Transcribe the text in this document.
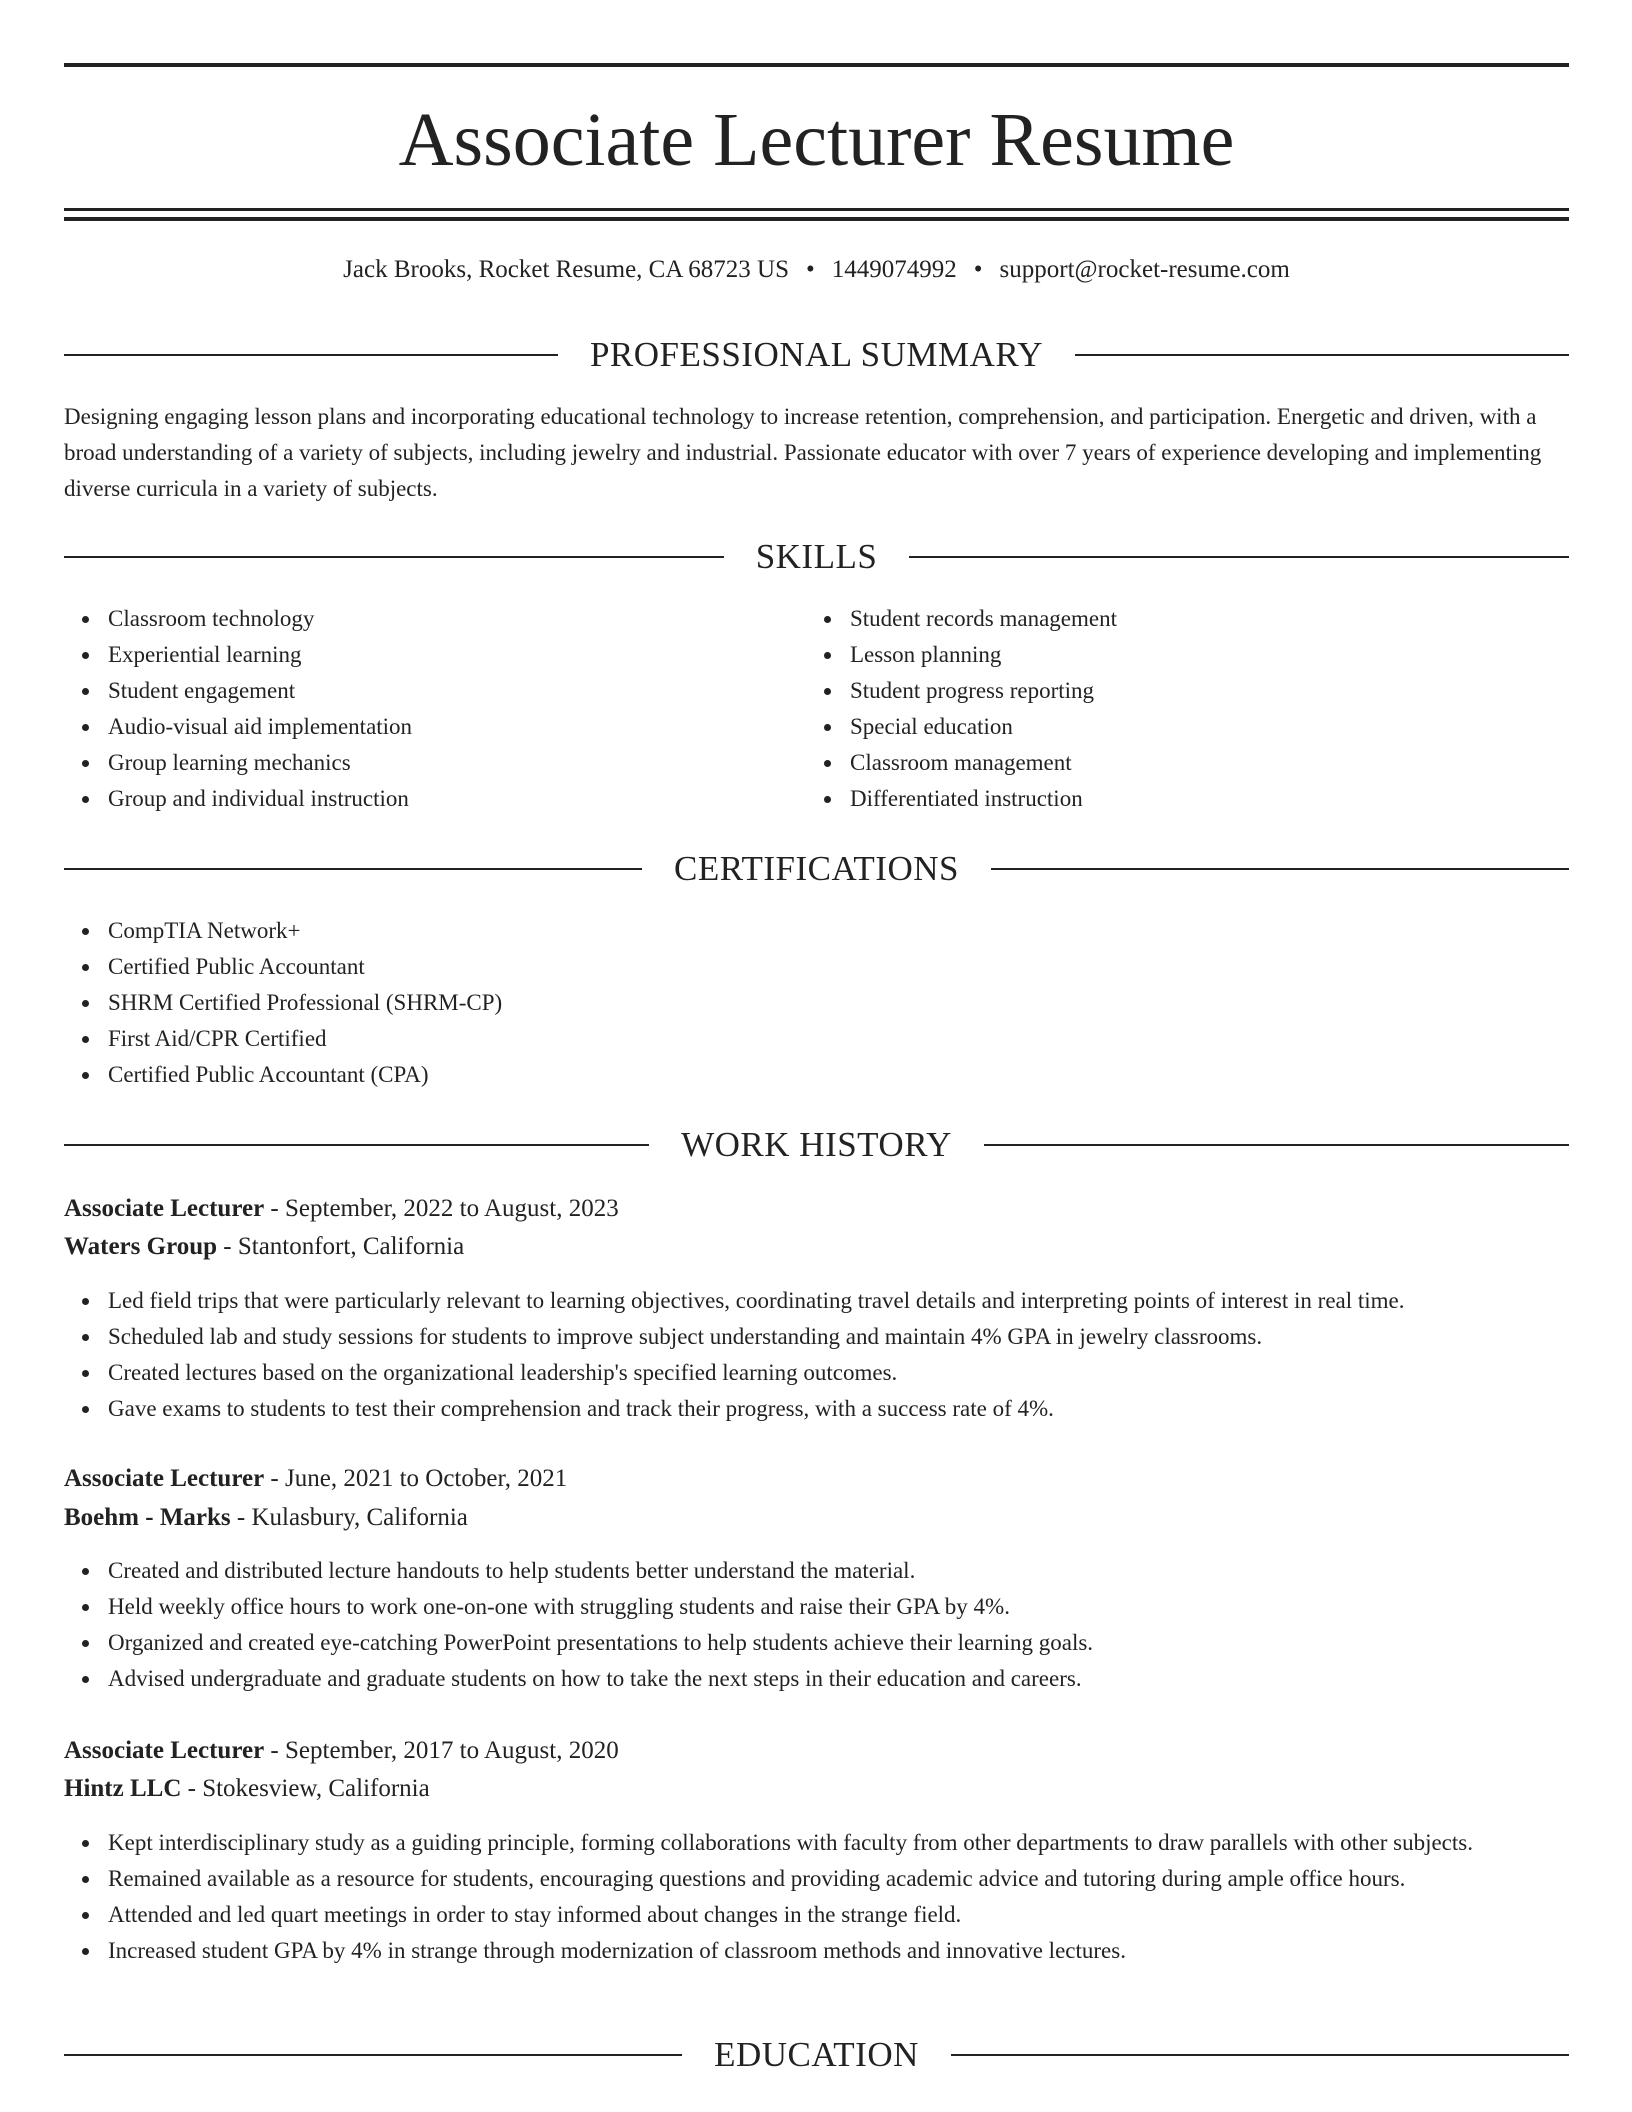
Associate Lecturer Resume
Jack Brooks, Rocket Resume, CA 68723 US • 1449074992 • support@rocket-resume.com
PROFESSIONAL SUMMARY
Designing engaging lesson plans and incorporating educational technology to increase retention, comprehension, and participation. Energetic and driven, with a broad understanding of a variety of subjects, including jewelry and industrial. Passionate educator with over 7 years of experience developing and implementing diverse curricula in a variety of subjects.
SKILLS
Classroom technology
Experiential learning
Student engagement
Audio-visual aid implementation
Group learning mechanics
Group and individual instruction
Student records management
Lesson planning
Student progress reporting
Special education
Classroom management
Differentiated instruction
CERTIFICATIONS
CompTIA Network+
Certified Public Accountant
SHRM Certified Professional (SHRM-CP)
First Aid/CPR Certified
Certified Public Accountant (CPA)
WORK HISTORY
Associate Lecturer - September, 2022 to August, 2023
Waters Group - Stantonfort, California
Led field trips that were particularly relevant to learning objectives, coordinating travel details and interpreting points of interest in real time.
Scheduled lab and study sessions for students to improve subject understanding and maintain 4% GPA in jewelry classrooms.
Created lectures based on the organizational leadership's specified learning outcomes.
Gave exams to students to test their comprehension and track their progress, with a success rate of 4%.
Associate Lecturer - June, 2021 to October, 2021
Boehm - Marks - Kulasbury, California
Created and distributed lecture handouts to help students better understand the material.
Held weekly office hours to work one-on-one with struggling students and raise their GPA by 4%.
Organized and created eye-catching PowerPoint presentations to help students achieve their learning goals.
Advised undergraduate and graduate students on how to take the next steps in their education and careers.
Associate Lecturer - September, 2017 to August, 2020
Hintz LLC - Stokesview, California
Kept interdisciplinary study as a guiding principle, forming collaborations with faculty from other departments to draw parallels with other subjects.
Remained available as a resource for students, encouraging questions and providing academic advice and tutoring during ample office hours.
Attended and led quart meetings in order to stay informed about changes in the strange field.
Increased student GPA by 4% in strange through modernization of classroom methods and innovative lectures.
EDUCATION
